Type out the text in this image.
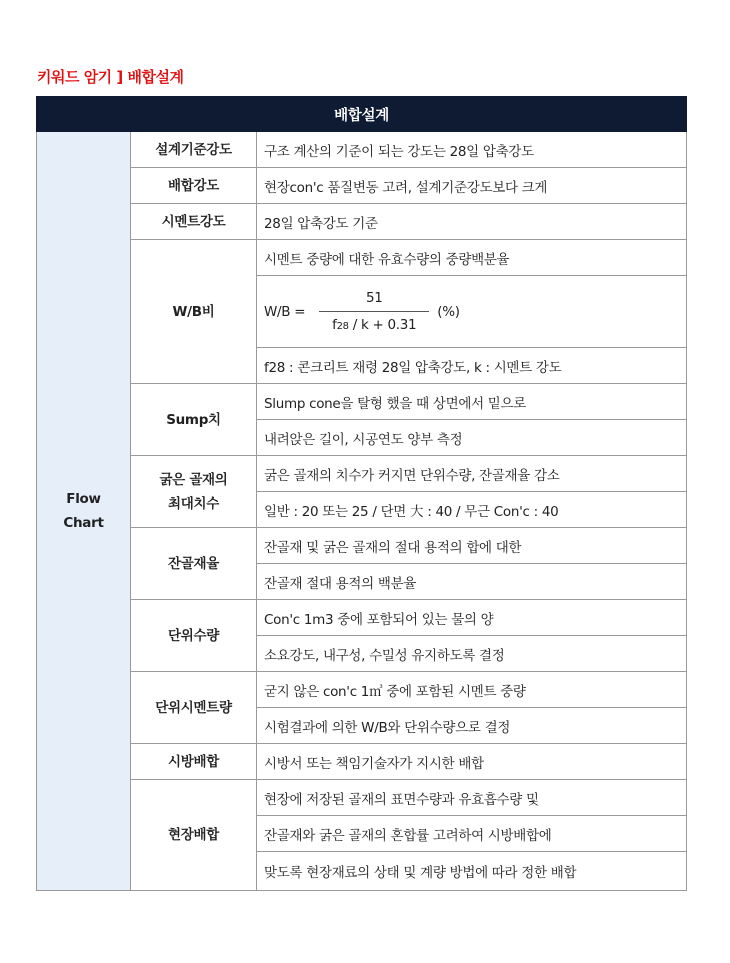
키워드 암기 ] 배합설계
배합설계		

Flow
Chart	설계기준강도	구조 계산의 기준이 되는 강도는 28일 압축강도
	배합강도	현장con'c 품질변동 고려, 설계기준강도보다 크게
	시멘트강도	28일 압축강도 기준
	W/B비	시멘트 중량에 대한 유효수량의 중량백분율

		$W/B = \frac{51}{f28 / k + 0.31}$ (%)

		f28 : 콘크리트 재령 28일 압축강도, k : 시멘트 강도
	Sump치	Slump cone을 탈형 했을 때 상면에서 밑으로
		내려앉은 길이, 시공연도 양부 측정

	굵은 골재의
최대치수	굵은 골재의 치수가 커지면 단위수량, 잔골재율 감소
		일반 : 20 또는 25 / 단면 大 : 40 / 무근 Con'c : 40
	잔골재율	잔골재 및 굵은 골재의 절대 용적의 합에 대한
		잔골재 절대 용적의 백분율
	단위수량	Con'c 1m3 중에 포함되어 있는 물의 양
		소요강도, 내구성, 수밀성 유지하도록 결정
	단위시멘트량	굳지 않은 con'c 1㎥ 중에 포함된 시멘트 중량
		시험결과에 의한 W/B와 단위수량으로 결정
	시방배합	시방서 또는 책임기술자가 지시한 배합
	현장배합	현장에 저장된 골재의 표면수량과 유효흡수량 및
		잔골재와 굵은 골재의 혼합률 고려하여 시방배합에
		맞도록 현장재료의 상태 및 계량 방법에 따라 정한 배합
